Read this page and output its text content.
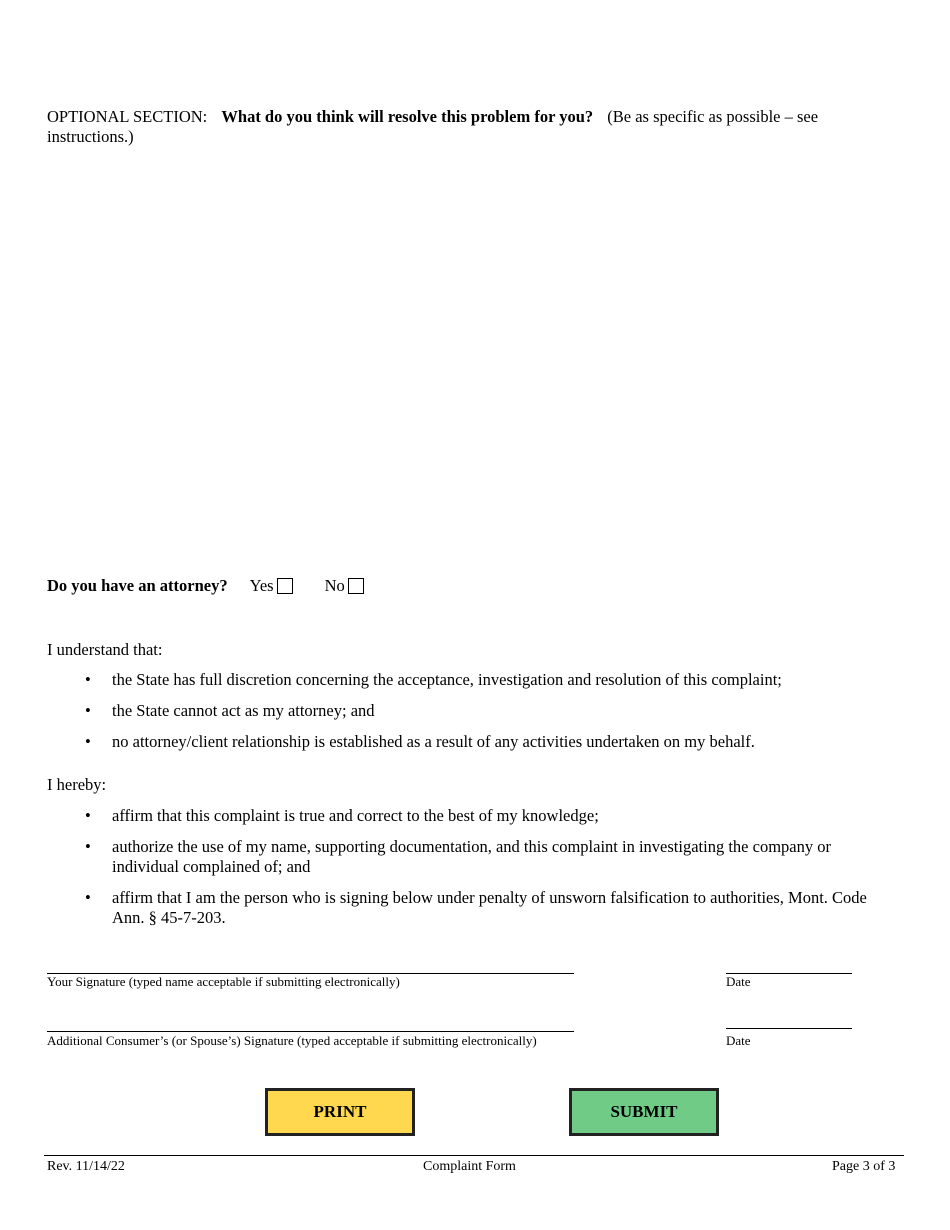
OPTIONAL SECTION: What do you think will resolve this problem for you? (Be as specific as possible – see instructions.)
Do you have an attorney? Yes	No
I understand that:
• the State has full discretion concerning the acceptance, investigation and resolution of this complaint;
• the State cannot act as my attorney; and
• no attorney/client relationship is established as a result of any activities undertaken on my behalf.
I hereby:
• affirm that this complaint is true and correct to the best of my knowledge;
• authorize the use of my name, supporting documentation, and this complaint in investigating the company or individual complained of; and
• affirm that I am the person who is signing below under penalty of unsworn falsification to authorities, Mont. Code Ann. § 45-7-203.
Your Signature (typed name acceptable if submitting electronically)	Date
Additional Consumer’s (or Spouse’s) Signature (typed acceptable if submitting electronically)	Date
PRINT	SUBMIT
Rev. 11/14/22	Complaint Form	Page 3 of 3
